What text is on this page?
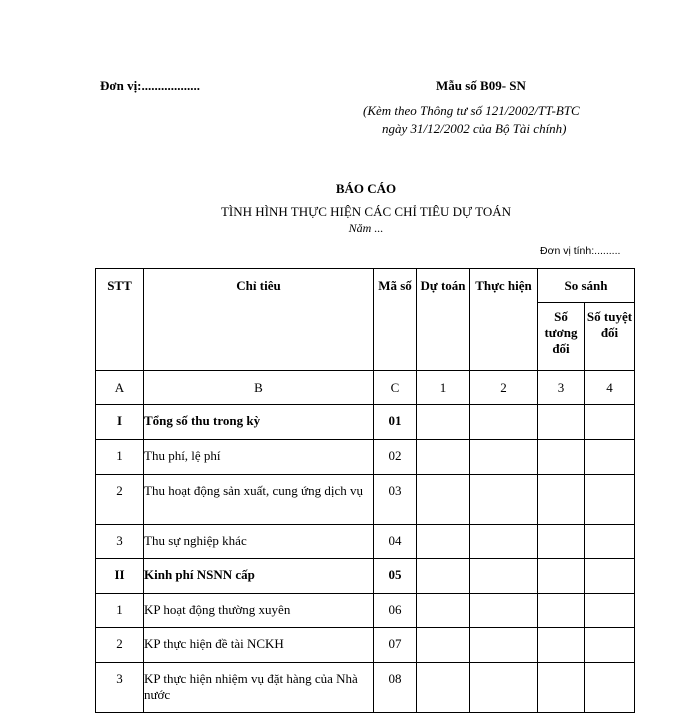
Đơn vị:..................	Mẫu số B09- SN
(Kèm theo Thông tư số 121/2002/TT-BTC
ngày 31/12/2002 của Bộ Tài chính)
BÁO CÁO
TÌNH HÌNH THỰC HIỆN CÁC CHỈ TIÊU DỰ TOÁN
Năm ...
Đơn vị tính:.........
STT	Chỉ tiêu	Mã số	Dự toán	Thực hiện	So sánh	
					Số tương đối	Số tuyệt đối
A	B	C	1	2	3	4
I	Tổng số thu trong kỳ	01				
1	Thu phí, lệ phí	02				
2	Thu hoạt động sản xuất, cung ứng dịch vụ	03				
3	Thu sự nghiệp khác	04				
II	Kinh phí NSNN cấp	05				
1	KP hoạt động thường xuyên	06				
2	KP thực hiện đề tài NCKH	07				
3	KP thực hiện nhiệm vụ đặt hàng của Nhà nước	08				
